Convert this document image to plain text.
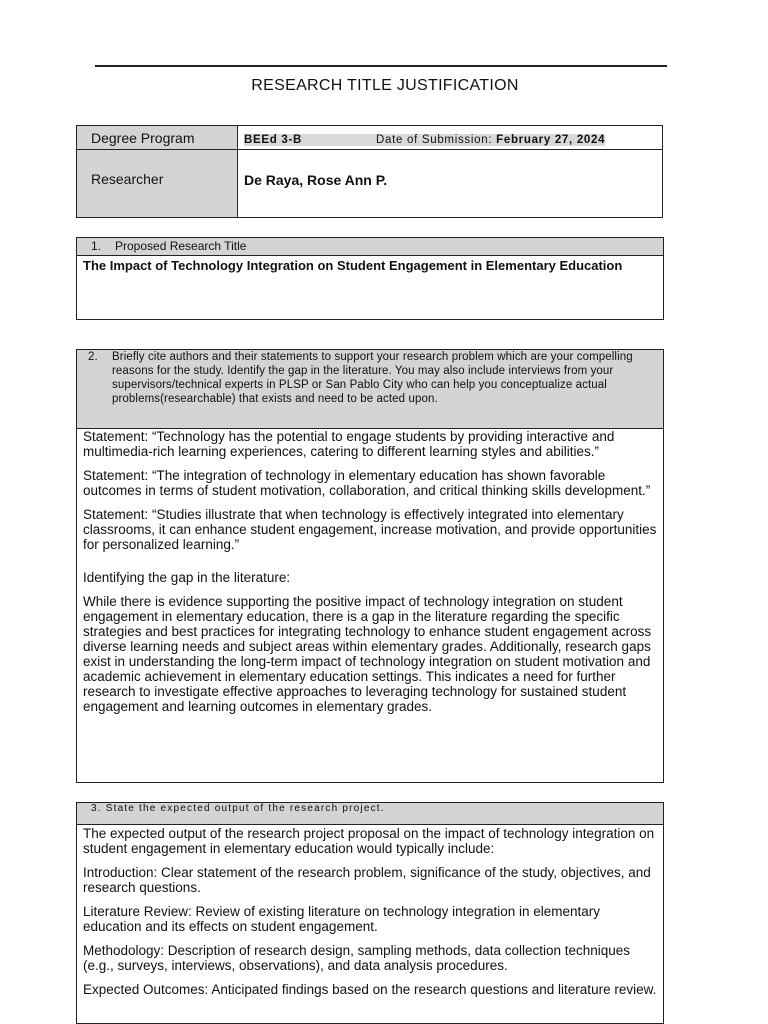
RESEARCH TITLE JUSTIFICATION
Degree Program	BEEd 3-B Date of Submission: February 27, 2024
Researcher	De Raya, Rose Ann P.
1. Proposed Research Title
The Impact of Technology Integration on Student Engagement in Elementary Education
2. Briefly cite authors and their statements to support your research problem which are your compelling reasons for the study. Identify the gap in the literature. You may also include interviews from your supervisors/technical experts in PLSP or San Pablo City who can help you conceptualize actual problems(researchable) that exists and need to be acted upon.

Statement: “Technology has the potential to engage students by providing interactive and multimedia-rich learning experiences, catering to different learning styles and abilities.”

Statement: “The integration of technology in elementary education has shown favorable outcomes in terms of student motivation, collaboration, and critical thinking skills development.”

Statement: “Studies illustrate that when technology is effectively integrated into elementary classrooms, it can enhance student engagement, increase motivation, and provide opportunities for personalized learning.”

Identifying the gap in the literature:

While there is evidence supporting the positive impact of technology integration on student engagement in elementary education, there is a gap in the literature regarding the specific strategies and best practices for integrating technology to enhance student engagement across diverse learning needs and subject areas within elementary grades. Additionally, research gaps exist in understanding the long-term impact of technology integration on student motivation and academic achievement in elementary education settings. This indicates a need for further research to investigate effective approaches to leveraging technology for sustained student engagement and learning outcomes in elementary grades.

3. State the expected output of the research project.

The expected output of the research project proposal on the impact of technology integration on student engagement in elementary education would typically include:

Introduction: Clear statement of the research problem, significance of the study, objectives, and research questions.

Literature Review: Review of existing literature on technology integration in elementary education and its effects on student engagement.

Methodology: Description of research design, sampling methods, data collection techniques (e.g., surveys, interviews, observations), and data analysis procedures.

Expected Outcomes: Anticipated findings based on the research questions and literature review.
